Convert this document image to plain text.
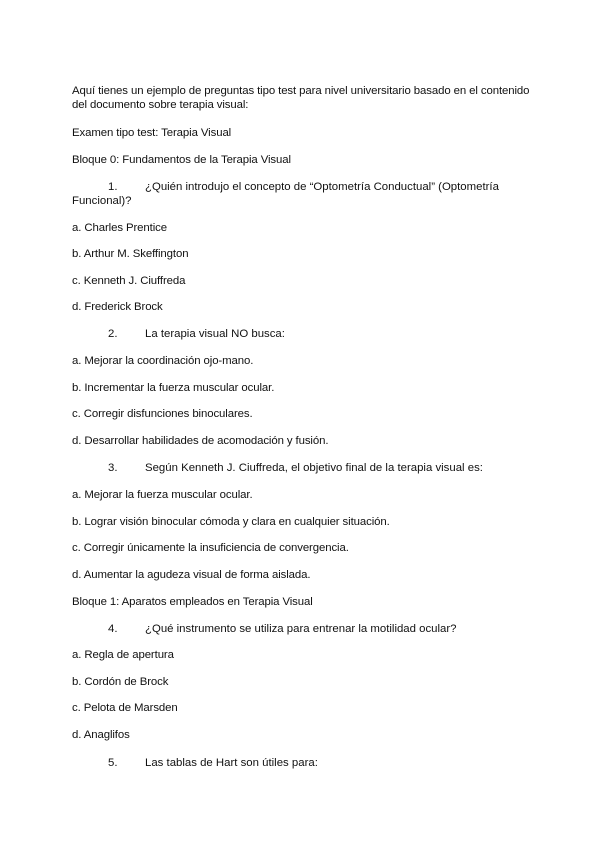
Aquí tienes un ejemplo de preguntas tipo test para nivel universitario basado en el contenido
del documento sobre terapia visual:
Examen tipo test: Terapia Visual
Bloque 0: Fundamentos de la Terapia Visual
1.	¿Quién introdujo el concepto de “Optometría Conductual” (Optometría Funcional)?
a. Charles Prentice
b. Arthur M. Skeffington
c. Kenneth J. Ciuffreda
d. Frederick Brock
2. La terapia visual NO busca:
a. Mejorar la coordinación ojo-mano.
b. Incrementar la fuerza muscular ocular.
c. Corregir disfunciones binoculares.
d. Desarrollar habilidades de acomodación y fusión.
3. Según Kenneth J. Ciuffreda, el objetivo final de la terapia visual es:
a. Mejorar la fuerza muscular ocular.
b. Lograr visión binocular cómoda y clara en cualquier situación.
c. Corregir únicamente la insuficiencia de convergencia.
d. Aumentar la agudeza visual de forma aislada.
Bloque 1: Aparatos empleados en Terapia Visual
4. ¿Qué instrumento se utiliza para entrenar la motilidad ocular?
a. Regla de apertura
b. Cordón de Brock
c. Pelota de Marsden
d. Anaglifos
5. Las tablas de Hart son útiles para:
